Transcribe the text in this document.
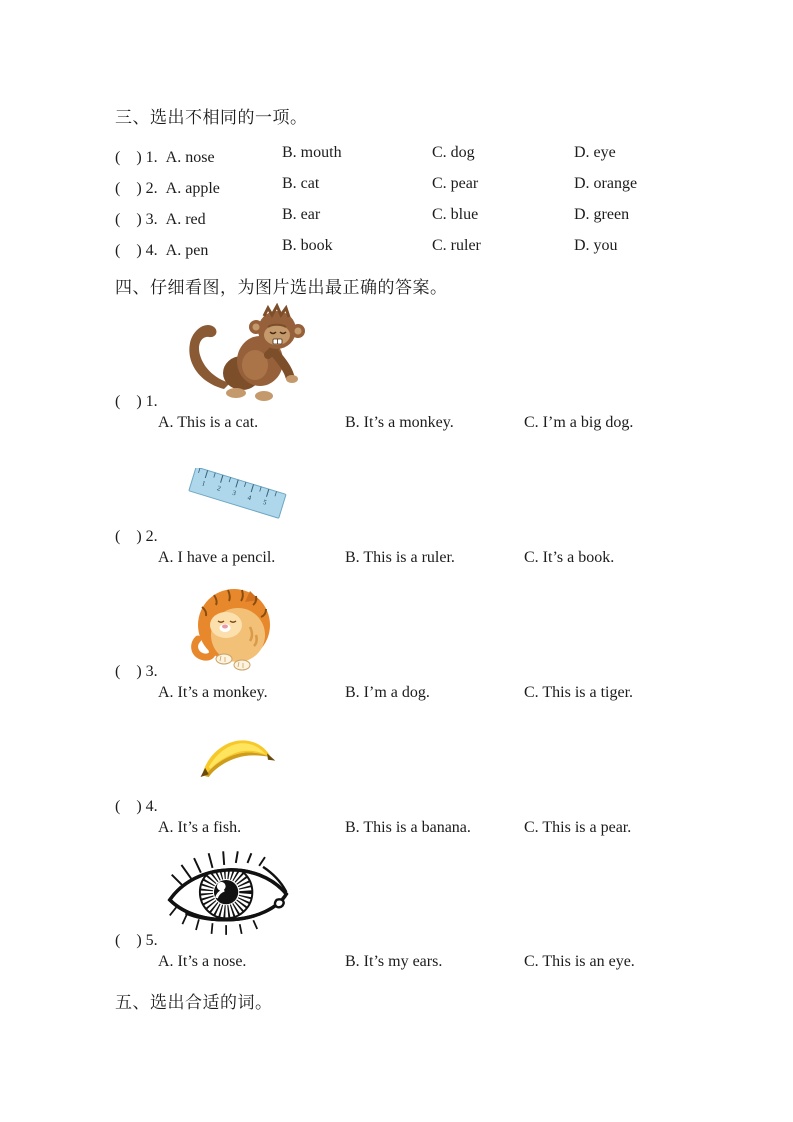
三、选出不相同的一项。

(　) 1. A. nose

	B. mouth

	C. dog

	D. eye

(　) 2. A. apple

	B. cat

	C. pear

	D. orange

(　) 3. A. red

	B. ear

	C. blue

	D. green

(　) 4. A. pen

	B. book

	C. ruler

	D. you

四、仔细看图，为图片选出最正确的答案。
(　) 1.
A. This is a cat.	B. It’s a monkey.	C. I’m a big dog.
1
2
3
4
5
(　) 2.
A. I have a pencil.	B. This is a ruler.	C. It’s a book.
(　) 3.
A. It’s a monkey.	B. I’m a dog.	C. This is a tiger.
(　) 4.
A. It’s a fish.	B. This is a banana.	C. This is a pear.
(　) 5.
A. It’s a nose.	B. It’s my ears.	C. This is an eye.
五、选出合适的词。
